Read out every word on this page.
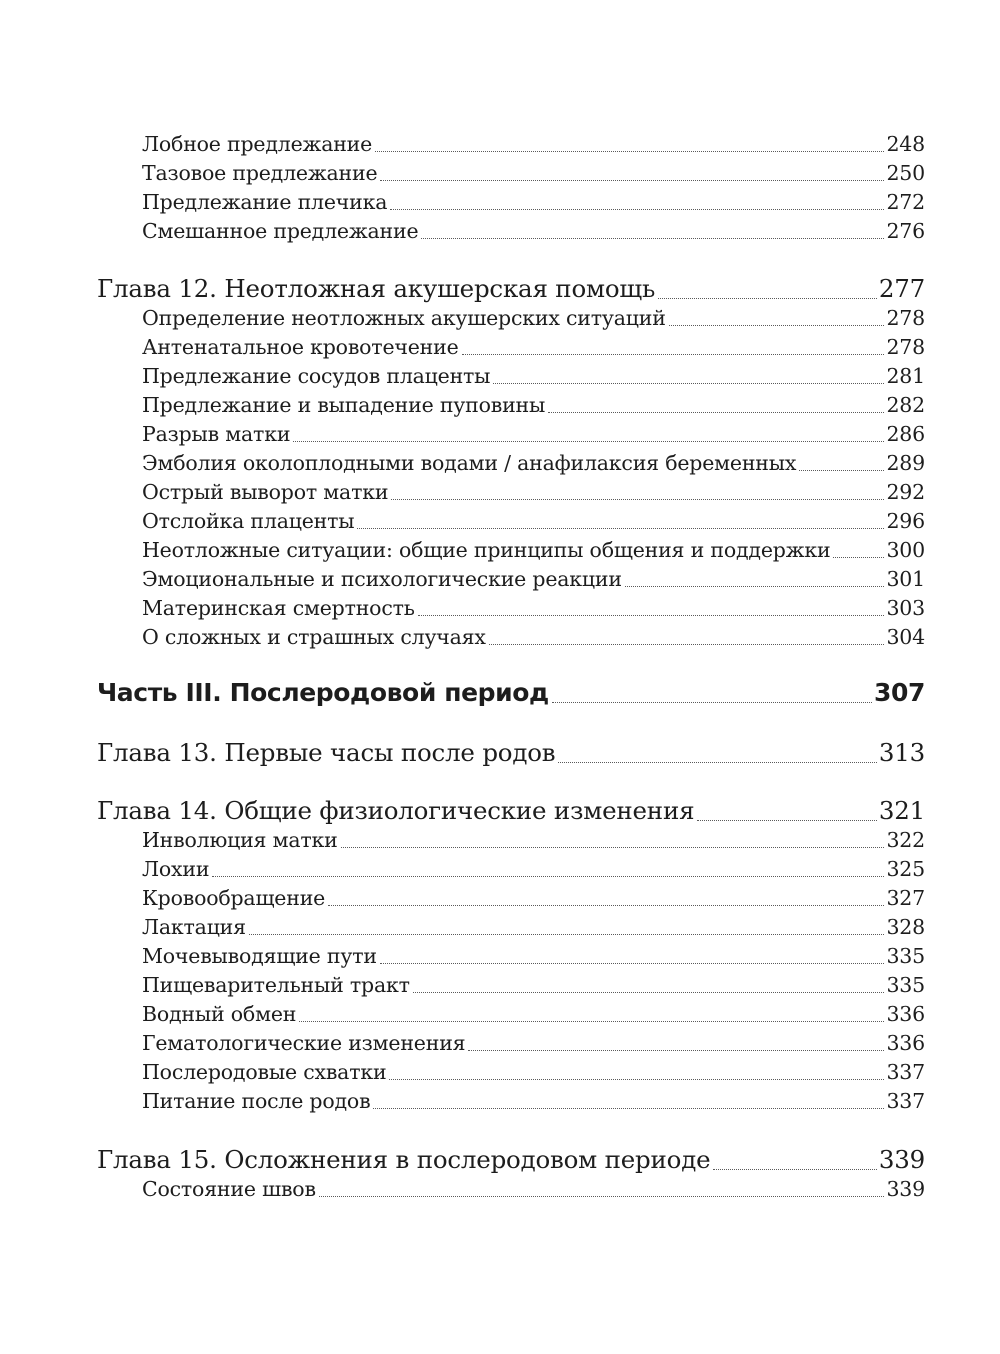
Лобное предлежание	248
Тазовое предлежание	250
Предлежание плечика	272
Смешанное предлежание	276
Глава 12. Неотложная акушерская помощь	277
Определение неотложных акушерских ситуаций	278
Антенатальное кровотечение	278
Предлежание сосудов плаценты	281
Предлежание и выпадение пуповины	282
Разрыв матки	286
Эмболия околоплодными водами / анафилаксия беременных	289
Острый выворот матки	292
Отслойка плаценты	296
Неотложные ситуации: общие принципы общения и поддержки	300
Эмоциональные и психологические реакции	301
Материнская смертность	303
О сложных и страшных случаях	304
Часть III. Послеродовой период	307
Глава 13. Первые часы после родов	313
Глава 14. Общие физиологические изменения	321
Инволюция матки	322
Лохии	325
Кровообращение	327
Лактация	328
Мочевыводящие пути	335
Пищеварительный тракт	335
Водный обмен	336
Гематологические изменения	336
Послеродовые схватки	337
Питание после родов	337
Глава 15. Осложнения в послеродовом периоде	339
Состояние швов	339
